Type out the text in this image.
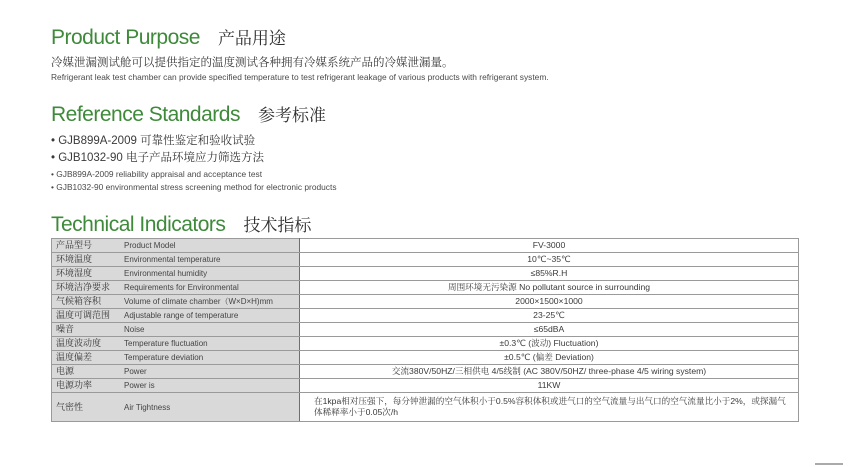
Product Purpose 产品用途
冷媒泄漏测试舱可以提供指定的温度测试各种拥有冷媒系统产品的冷媒泄漏量。
Refrigerant leak test chamber can provide specified temperature to test refrigerant leakage of various products with refrigerant system.
Reference Standards 参考标准
• GJB899A-2009 可靠性鉴定和验收试验
• GJB1032-90 电子产品环境应力筛选方法
• GJB899A-2009 reliability appraisal and acceptance test
• GJB1032-90 environmental stress screening method for electronic products
Technical Indicators 技术指标
产品型号 Product Model	FV-3000
环境温度 Environmental temperature	10℃~35℃
环境湿度 Environmental humidity	≤85%R.H
环境洁净要求 Requirements for Environmental	周围环境无污染源 No pollutant source in surrounding
气候箱容积 Volume of climate chamber（W×D×H)mm	2000×1500×1000
温度可调范围 Adjustable range of temperature	23-25℃
噪音 Noise	≤65dBA
温度波动度 Temperature fluctuation	±0.3℃ (波动) Fluctuation)
温度偏差 Temperature deviation	±0.5℃ (偏差 Deviation)
电源 Power	交流380V/50HZ/三相供电 4/5线制 (AC 380V/50HZ/ three-phase 4/5 wiring system)
电源功率 Power is	11KW
气密性 Air Tightness	在1kpa相对压强下，每分钟泄漏的空气体积小于0.5%容积体积或进气口的空气流量与出气口的空气流量比小于2%，或探漏气体稀释率小于0.05次/h
